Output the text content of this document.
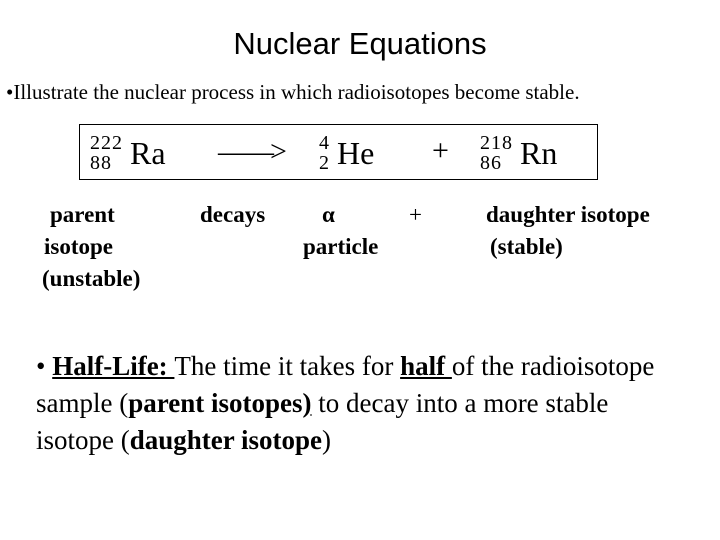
Nuclear Equations
•Illustrate the nuclear process in which radioisotopes become stable.
222
88 Ra ——> 4
2 He + 218
86 Rn
parent
isotope
(unstable)
decays α
particle
+	daughter isotope
(stable)
• Half-Life: The time it takes for half of the radioisotope sample (parent isotopes) to decay into a more stable isotope (daughter isotope)
